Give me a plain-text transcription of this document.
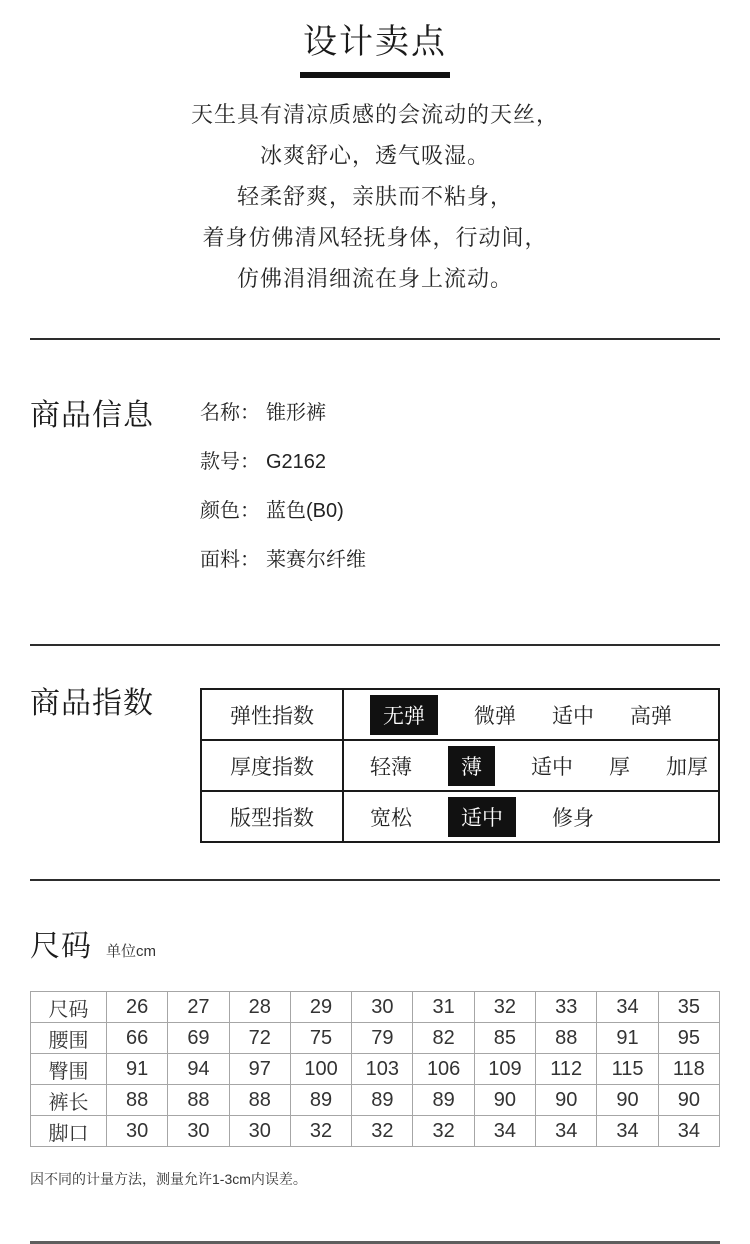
设计卖点
天生具有清凉质感的会流动的天丝，
冰爽舒心，透气吸湿。
轻柔舒爽，亲肤而不粘身，
着身仿佛清风轻抚身体，行动间，
仿佛涓涓细流在身上流动。
商品信息	名称： 锥形裤
款号： G2162
颜色： 蓝色(B0)
面料： 莱赛尔纤维
商品指数	弹性指数	无弹	微弹 适中 高弹
厚度指数	轻薄	薄	适中 厚 加厚
版型指数	宽松	适中	修身
尺码 单位cm
尺码	26	27	28	29	30	31	32	33	34	35
腰围	66	69	72	75	79	82	85	88	91	95
臀围	91	94	97	100	103	106	109	112	115	118
裤长	88	88	88	89	89	89	90	90	90	90
脚口	30	30	30	32	32	32	34	34	34	34
因不同的计量方法，测量允许1-3cm内误差。
